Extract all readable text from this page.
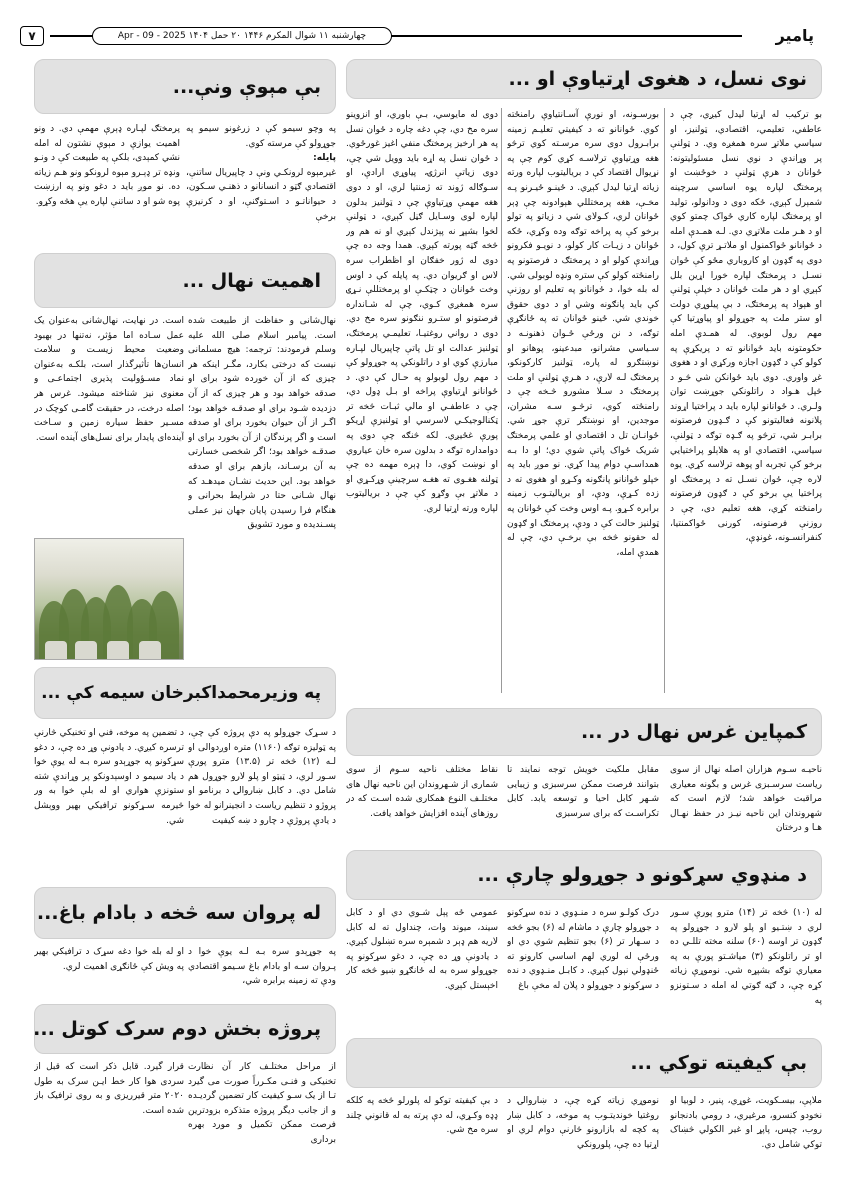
پامیر
چهارشنبه ۱۱ شوال المکرم ۱۴۴۶ ۲۰ حمل ۱۴۰۴ Apr - 09 - 2025
۷
نوی نسل، د هغوی اړتیاوې او ...

بو ترکیب له اړتیا لیدل کیږي، چې د عاطفي، تعلیمي، اقتصادي، ټولنیز، او سیاسي ملاتړ سره همغږه وي. د ټولنې پر وړاندې د نوي نسل مسئولیتونه: ځوانان د هرې ټولنې د خوځښت او پرمختګ لپاره یوه اساسي سرچینه شمېرل کېږي، ځکه دوی د ودانولو، تولید او پرمختګ لپاره کاري ځواک چمتو کوي او د هـر ملت ملاتړي دي. لـه همـدې امله د ځوانانو ځواکمنول او ملاتـړ ترې کول، د دوی په ګډون او کاروباري مځو کې ځوان نسـل د پرمختګ لپاره خورا اړین بلل کېږي او د هر ملت ځوانان د خپلې ټولنې او هېواد په پرمختګ، د بې پیلوړي دولت او ستر ملت په جوړولو او پیاوړتیا کې مهم رول لوبوي. له همـدې امله حکومتونه باید ځوانانو ته د پریکړې په کولو کې د ګډون اجازه ورکړي او د هغوی غږ واوري. دوی باید ځوانکن شي څـو د څپل هـواد د راتلونکي جوړښت توان ولـري. د ځوانانو لپاره باید د پراختیا اړوند پلانونه فعالیتونو کې د ګـډون فرصتونه برابـر شي، ترڅو په ګـډه توګه د ټولنې، سیاسي، اقتصادي او په هلاېلو پراختیایي برخو کې تجربه او پوهه ترلاسه کړي. یوه لاره چې، ځوان نسـل ته د پرمختګ او پراختیا یې برخو کې د ګډون فرصتونه رامنځته کړي، هغه تعلیم دی، چې د روزنې فرصتونه، کورنی ځواکمنتیا، کنفرانسـونه، غونډې،

بورسـونه، او نورې آسـانتیاوې رامنځته کوي. ځوانانو ته د کیفیتي تعلیـم زمینه برابـرول دوی سره مرسـته کوي ترڅو هغه وړتیاوې ترلاسـه کړي کوم چې په نړیوال اقتصاد کې د بریالیتوب لپاره ورته زیاته اړتیا لیدل کېږي. د ځینـو ځیـرنو پـه مخـې، هغه پرمختللي هېوادونه چې ډېر ځوانان لري، کـولای شي د زیاتو په تولو برخو کې په پراخه توګه وده وکړي، ځکه ځوانان د زیـات کار کولو، د نویـو فکرونو وړاندې کولو او د پرمختګ د فرصتونو په رامنځته کولو کې ستره ونډه لوبولی شي. له بله خوا، د ځوانانو په تعلیم او روزنې کې باید پانګونه وشي او د دوی حقوق خوندي شي. ځینو ځوانان ته په ځانګړې توګه، د نن ورځې ځـوان ذهنونـه د سـیاسي مشرانو، مبدعینو، پوهانو او نوښتګرو له پاره، ټولنیز کارکونکو، پرمختګ لـه لارې، د هـرې ټولنې او ملت پرمختګ د سـلا مشورو څـخه چې د رامنځته کوي، ترڅـو سـه مشران، موجدين، او نوښتګر ترې جوړ شي. ځوانـان تل د اقتصادي او علمي پرمختګ شریک ځواک پاتې شوي دي؛ او دا بـه همداسـې دوام پیدا کړي. نو موږ باید په خپلو ځوانانو پانګونه وکـړو او هغوی ته د زده کـړې، ودې، او بریالیتـوب زمینه برابره کـړو. پـه اوس وخت کې ځوانان په ټولنیز حالت کې د ودې، پرمختګ او ګډون له حقونو څخه بې برخـې دي، چې له همدې امله،

دوی له مایوسي، بـې باوري، او انزوینو سره مخ دي، چې دغه چاره د ځوان نسل په هر ارخیز پرمختګ منفي اغیز غورځوي. د ځوان نسل په اړه باید وویل شي چې، دوی زیاتې انرژۍ، پیاوړي ارادې، او سـوګاله ژوند ته ژمنتیا لري، او د دوی هغه مهمې وړتیاوې چې د ټولنیز بدلون لپاره لوی وسـایل ګڼل کېږي، د ټولنې لخوا بشپړ نه پېژندل کېږي او نه هم ور څخه ګټه پورته کېږي. همدا وجه ده چې دوی له ژور خفګان او اظطراب سره لاس او ګریوان دي. په پایله کې د اوس وخت ځوانان د چټکـې او پرمختللې نـړۍ سره همغږي کـوي، چې له شـانداره فرصتونو او ستـرو ننګونو سره مخ دي. دوی د رواني روغتیـا، تعلیمـي پرمختګ، ټولنیز عدالت او تل پاتې چاپیریال لپـاره مبارزې کوي او د راتلونکي په جوړولو کې د مهم رول لوبولو په حـال کې دي. د ځوانانو اړتیاوې پراخه او بـل ډول دي، چې د عاطفـي او مالي ثبـات څخه تر ټکنالوجیکـي لاسرسي او ټولنیزې اړیکو پورې غځیږي. لکه څنګه چې دوی په دوامداره توګه د بدلون سره خان عیاروي او نوښت کوي، دا ډېره مهمه ده چې ټولنه هغـوی ته هغـه سرچینې وړکـړي او د ملاتړ بې وګړو کې چې د بریالیتوب لپاره ورته اړتیا لري.

بې مېوې ونې...

په وچو سیمو کې د زرغونو سیمو په جوړولو کې مرسته کوي.

پایله:

غیرمېوه لرونکـي ونې د چاپیریال ساتنې، اقتصادي ګټو د انسانانو د ذهنـي سـکون، د حیواناتـو د اسـتوګنې، او د کرنیزې برخې

پرمختګ لپـاره ډېرې مهمې دي. د ونو اهمیت یوازې د مېوې نشتون له امله نشي کمېدی، بلکې په طبیعت کې د ونـو ونډه تر ډېـرو مېوه لرونکو ونو هـم زیاته ده. نو موږ باید د دغو ونو په ارزښت پوه شو او د ساتنې لپاره یې هڅه وکړو.

اهمیت نهال ...

نهال‌شانی و حفاظت از طبیعت شده است. پیامبر اسلام صلی الله علیه وسلم فرمودند: ترجمه: هیچ مسلمانی نیست که درختی بکارد، مگـر اینکه هر چیزی که از آن خورده شود برای او صدقه خواهد بود و هر چیزی که از آن دزدیده شـود برای او صدقـه خواهد بود؛ اگـر از آن حیوان بخورد برای او صدقه است و اگر پرندگان از آن بخورد برای او صدقـه خواهد بود؛ اگر شخصی خسارتی به آن برسـاند، بازهم برای او صدقه خواهد بود. این حدیث نشـان میدهـد که نهال شـانی حتا در شرایط بحرانی و هنگام فرا رسیدن پایان جهان نیز عملی پسـندیده و مورد تشویق

است. در نهایت، نهال‌شانی به‌عنوان یک عمل سـاده اما مؤثر، نه‌تنها در بهبود وضعیت محیط زیسـت و سلامت انسان‌ها تأثیرگذار است، بلکـه به‌عنوان نماد مسـؤولیت پذیری اجتماعـی و معنوی نیز شناخته میشود. غرس هر اصله درخت، در حقیقت گامـی کوچک در مسـیر حفظ سیاره زمین و سـاخت آینده‌ای پایدار برای نسل‌های آینده است.

کمپاین غرس نهال در ...

ناحیـه سـوم هزاران اصله نهال از سوی ریاست سرسـبزی غرس و بگونه معیاری مراقبت خواهد شد؛ لازم است که شهروندان این ناحیه نیـز در حفظ نهـال هـا و درختان

مقابل ملکیت خویش توجه نمایند تا بتوانند فرصت ممکن سرسبزی و زیبایی شـهر کابل احیا و توسعه یابد. کابل تکراسـت که برای سرسبزی

نقاط مختلف ناحیه سـوم از سوی شماری از شـهروندان این ناحیه نهال های مختلـف النوع همکاری شده اسـت که در روزهای آینده افزایش خواهد یافت.

په وزیرمحمداکبرخان سیمه کې ...

د سـړک جوړولو په دې پروژه کې چې، په ټولیزه توګه (۱۱۶۰) متره اوږدوالی او لـه (۱۲) څخه تر (۱۳.۵) مترو پورې سـور لري، د ټیټو او پلو لارو جوړول هم شامل دي. د کابل ښاروالۍ د برنامو او پروژو د تنظیم ریاست د انجینرانو له خوا د یادې پروژې د چارو د ښه کیفیت

د تضمین په موخه، فني او تخنیکي څارنې ترسره کیږي. د یادونې وړ ده چې، د دغو سړکونو په جوړېدو سره بـه له یوې خوا د یاد سیمو د اوسېدونکو پر وړاندې شته ستونزې هواري او له بلې خوا به ور څیرمه سـړکونو ترافیکي بهیر ووېشل شي.

د منډوي سړکونو د جوړولو چارې ...

له (۱۰) څخه تر (۱۴) مترو پورې سـور لري د ښتـیو او پلو لارو د جوړولو په ګډون تر اوسه (۶۰) سلنه مخته تللـي ده او تر راتلونکو (۳) میاشـتو پورې به په معیاري توګه بشپړه شي. نوموړې زیاته کړه چې، د ګټه ګوتي له امله د سـتونزو په

درک کولـو سره د منـډوي د نده سړکونو د جوړولو چارې د ماشام له (۶) بجو څخه د سـهار تر (۶) بجو تنظیم شوي دي او ورځې له لوري لهم اساسي کارونو ته ځنډولي نېول کېږي. د کابـل منـډوي د نده د سړکونو د جوړولو د پلان له مخې باغ

عمومي ځه پېل شـوي دي او د کابل سیند، میوند وات، چنداول ته له کابل لاریه هم ډېر د شمېره سره تښلول کېږي. د یادونې وړ ده چې، د دغو سړکونو په جوړولو سره به له ځانګړو ښیو څخه کار اخېستل کېږي.

له پروان سه څخه د بادام باغ...

په جوړېدو سره بـه لـه یوې خوا د پـروان سـه او بادام باغ سـیمو اقتصادي ودې ته زمینه برابره شي،

او له بله خوا دغه سړک د ترافیکي بهیر په ویش کې ځانګړی اهمیت لري.

پروژه بخش دوم سرک کوتل ...

از مراحل مختلـف کار آن نظارت تخنیکی و فنـی مکـرراً صورت می گیرد تـا از یک سـو کیفیت کار تضمین گردیـده و از جانب دیگر پروژه متذکره بزودترین فرصت ممکن تکمیل و مورد بهره برداری

قرار گیرد. قابل ذکر است که قبل از سردی هوا کار خط ایـن سرک به طول ۲۰۲۰ متر قیرریزی و به روی ترافیک باز شده است.

بې کیفیته توکي ...

ملاپې، بیسـکویت، غوړي، پنیر، د لوبیا او نخودو کنسرو، مرغیري، د رومي بادنجانو روب، چپس، پاپړ او غیر الکولي څښاک توکي شامل دي.

نوموړي زیاته کړه چې، د ښاروالۍ د روغتیا خوندیتـوب په موخه، د کابل ښار په کچه له بازارونو څارنې دوام لري او اړتیا ده چې، پلورونکي

د بې کیفیته توکو له پلورلو څخه په کلکه ډډه وکـړي، له دې پرته به له قانوني چلند سره مخ شي.
